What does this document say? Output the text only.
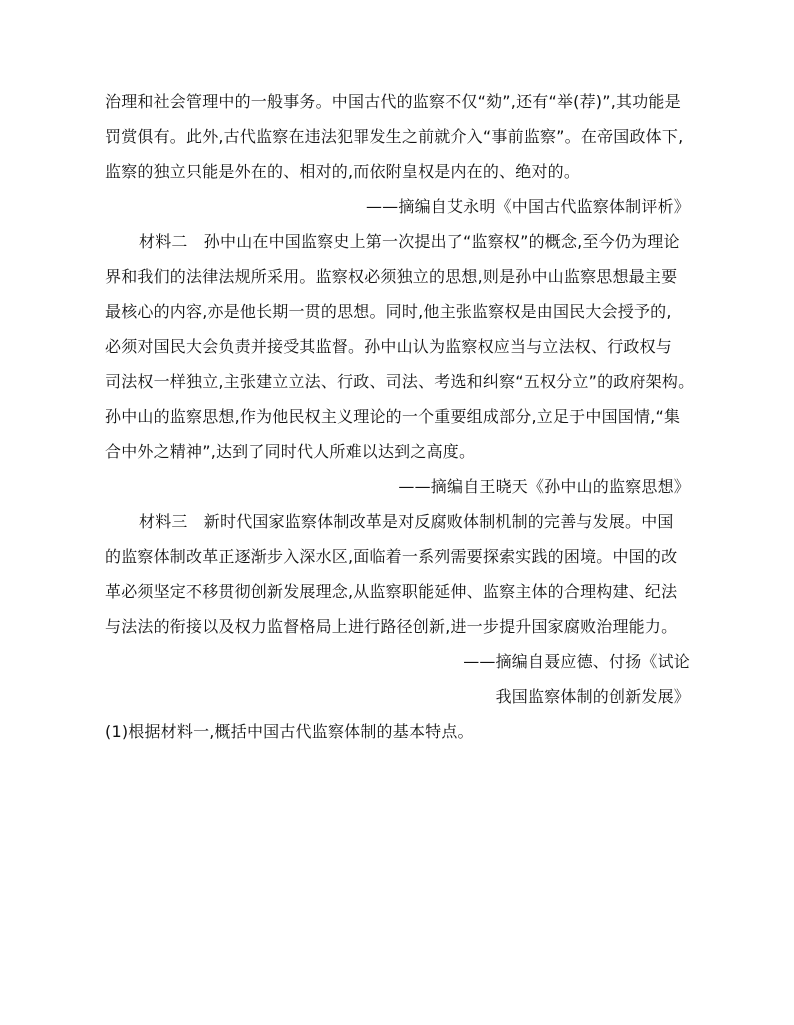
治理和社会管理中的一般事务。中国古代的监察不仅“劾”,还有“举(荐)”,其功能是
罚赏俱有。此外,古代监察在违法犯罪发生之前就介入“事前监察”。在帝国政体下,
监察的独立只能是外在的、相对的,而依附皇权是内在的、绝对的。
——摘编自艾永明《中国古代监察体制评析》
材料二　孙中山在中国监察史上第一次提出了“监察权”的概念,至今仍为理论
界和我们的法律法规所采用。监察权必须独立的思想,则是孙中山监察思想最主要
最核心的内容,亦是他长期一贯的思想。同时,他主张监察权是由国民大会授予的,
必须对国民大会负责并接受其监督。孙中山认为监察权应当与立法权、行政权与
司法权一样独立,主张建立立法、行政、司法、考选和纠察“五权分立”的政府架构。
孙中山的监察思想,作为他民权主义理论的一个重要组成部分,立足于中国国情,“集
合中外之精神”,达到了同时代人所难以达到之高度。
——摘编自王晓天《孙中山的监察思想》
材料三　新时代国家监察体制改革是对反腐败体制机制的完善与发展。中国
的监察体制改革正逐渐步入深水区,面临着一系列需要探索实践的困境。中国的改
革必须坚定不移贯彻创新发展理念,从监察职能延伸、监察主体的合理构建、纪法
与法法的衔接以及权力监督格局上进行路径创新,进一步提升国家腐败治理能力。
——摘编自聂应德、付扬《试论
我国监察体制的创新发展》
(1)根据材料一,概括中国古代监察体制的基本特点。
